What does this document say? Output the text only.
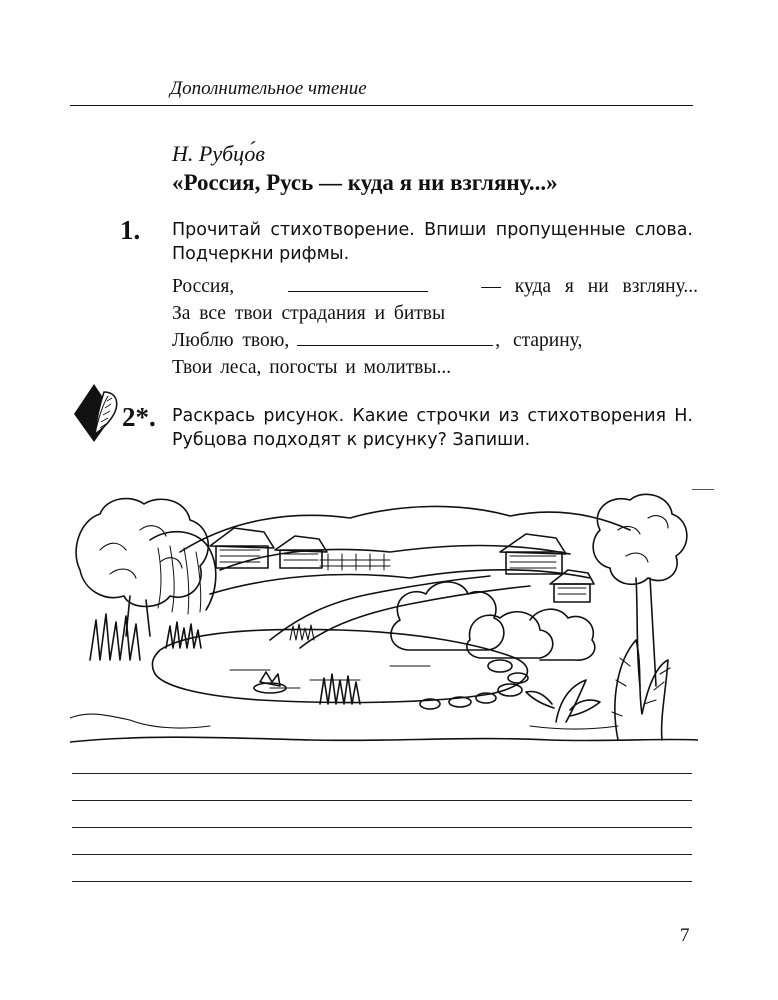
Дополнительное чтение
Н. Рубцо́в
«Россия, Русь — куда я ни взгляну...»
1. Прочитай стихотворение. Впиши пропущенные слова. Подчеркни рифмы.
Россия,	— куда я ни взгляну...
За все твои страдания и битвы
Люблю твою,	, старину,
Твои леса, погосты и молитвы...
2*. Раскрась рисунок. Какие строчки из стихотворения Н. Рубцова подходят к рисунку? Запиши.
7
